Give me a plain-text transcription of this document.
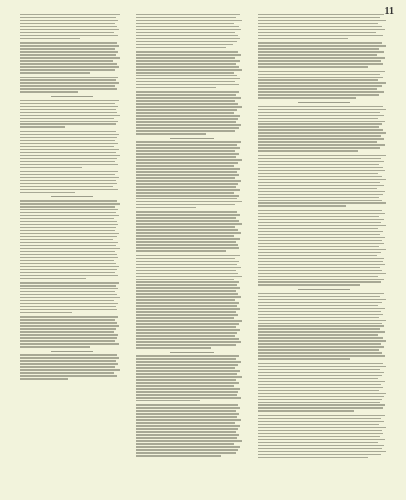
11
